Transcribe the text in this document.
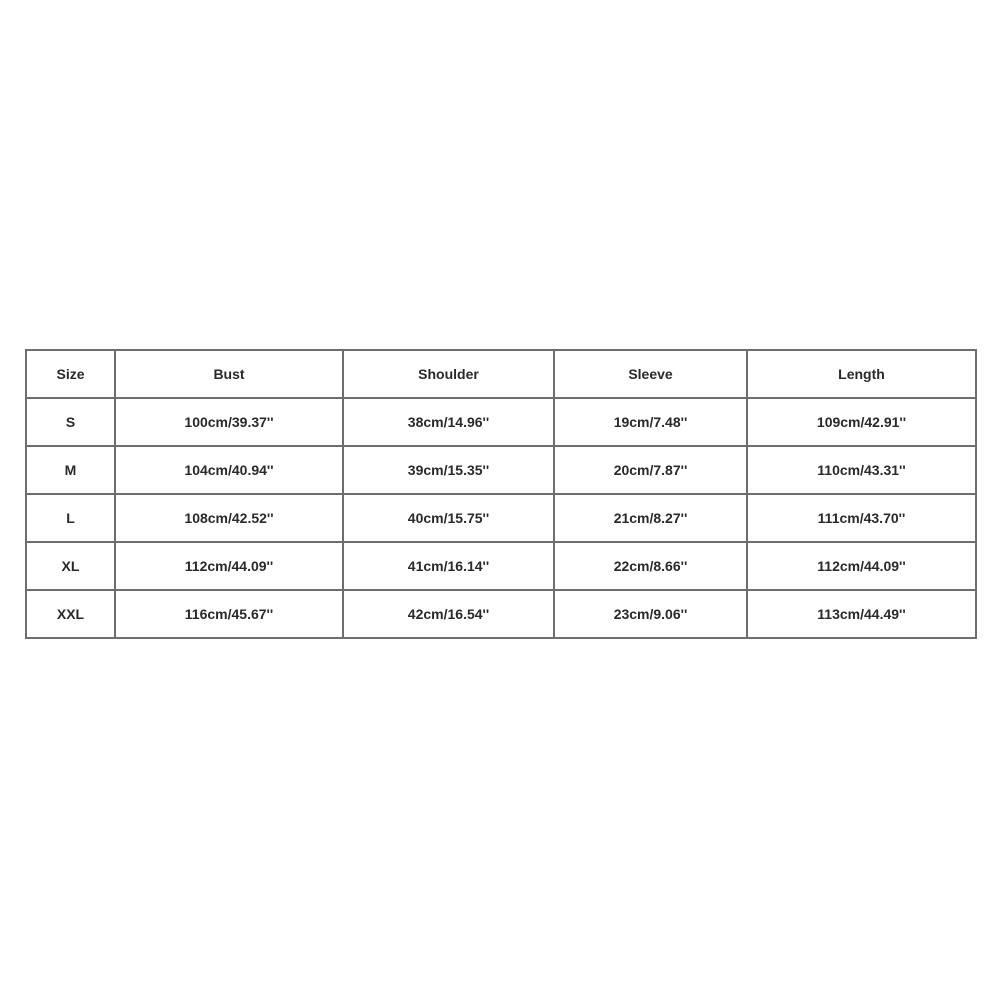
Size	Bust	Shoulder	Sleeve	Length
S	100cm/39.37''	38cm/14.96''	19cm/7.48''	109cm/42.91''
M	104cm/40.94''	39cm/15.35''	20cm/7.87''	110cm/43.31''
L	108cm/42.52''	40cm/15.75''	21cm/8.27''	111cm/43.70''
XL	112cm/44.09''	41cm/16.14''	22cm/8.66''	112cm/44.09''
XXL	116cm/45.67''	42cm/16.54''	23cm/9.06''	113cm/44.49''
